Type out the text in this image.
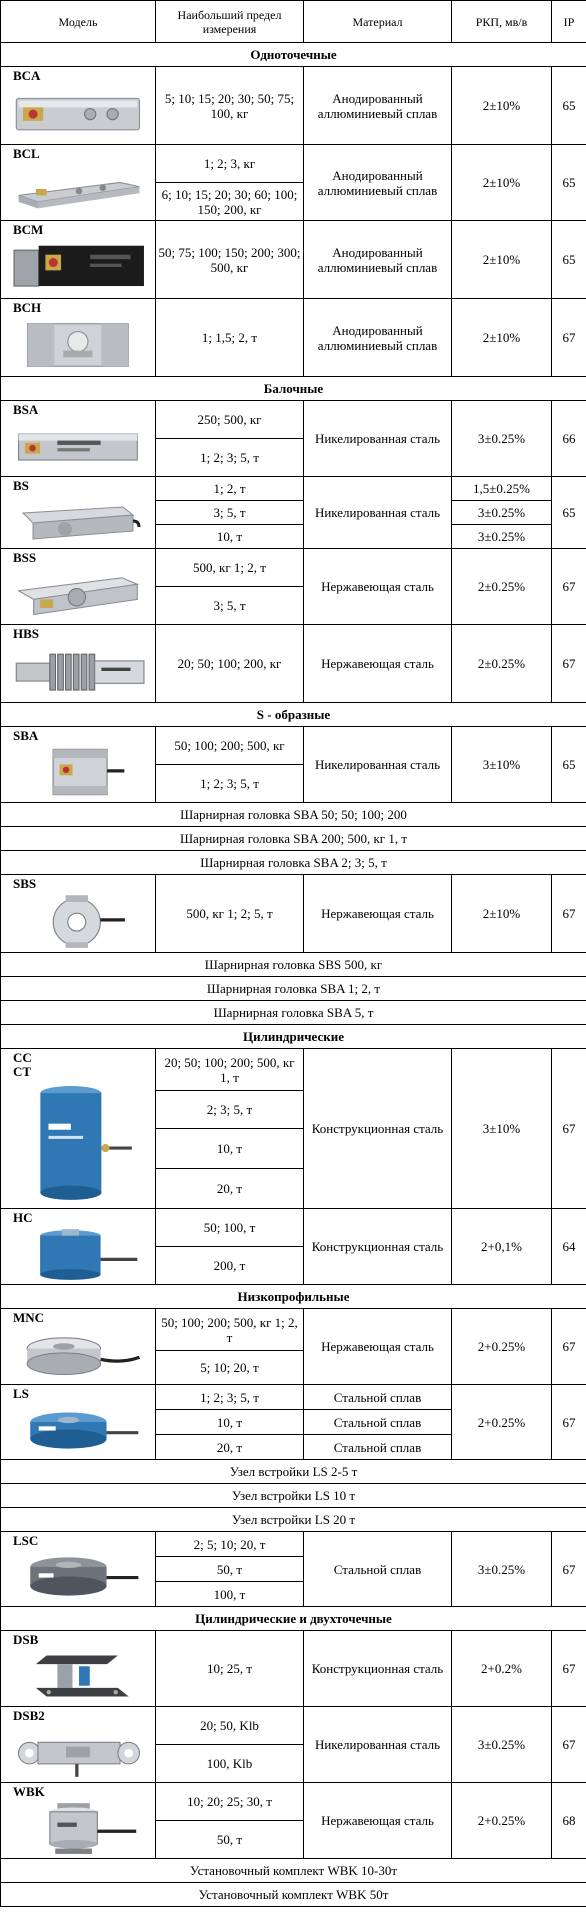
Модель	Наибольший предел измерения	Материал	РКП, мв/в	IP
Одноточечные				

BCA	5; 10; 15; 20; 30; 50; 75; 100, кг	Анодированный аллюминиевый сплав	2±10%	65

BCL	1; 2; 3, кг	Анодированный аллюминиевый сплав	2±10%	65
	6; 10; 15; 20; 30; 60; 100; 150; 200, кг			

BCM	50; 75; 100; 150; 200; 300; 500, кг	Анодированный аллюминиевый сплав	2±10%	65

BCH	1; 1,5; 2, т	Анодированный аллюминиевый сплав	2±10%	67
Балочные				

BSA	250; 500, кг	Никелированная сталь	3±0.25%	66
	1; 2; 3; 5, т			

BS	1; 2, т	Никелированная сталь	1,5±0.25%	65
	3; 5, т		3±0.25%	
	10, т		3±0.25%	

BSS	500, кг 1; 2, т	Нержавеющая сталь	2±0.25%	67
	3; 5, т			

HBS	20; 50; 100; 200, кг	Нержавеющая сталь	2±0.25%	67
S - образные				

SBA	50; 100; 200; 500, кг	Никелированная сталь	3±10%	65
	1; 2; 3; 5, т			
Шарнирная головка SBA 50; 50; 100; 200				
Шарнирная головка SBA 200; 500, кг 1, т				
Шарнирная головка SBA 2; 3; 5, т				

SBS	500, кг 1; 2; 5, т	Нержавеющая сталь	2±10%	67
Шарнирная головка SBS 500, кг				
Шарнирная головка SBA 1; 2, т				
Шарнирная головка SBA 5, т				
Цилиндрические				

CC
CT	20; 50; 100; 200; 500, кг 1, т	Конструкционная сталь	3±10%	67
	2; 3; 5, т			
	10, т			
	20, т			

HC	50; 100, т	Конструкционная сталь	2+0,1%	64
	200, т			
Низкопрофильные				

MNC	50; 100; 200; 500, кг 1; 2, т	Нержавеющая сталь	2+0.25%	67
	5; 10; 20, т			

LS	1; 2; 3; 5, т	Стальной сплав	2+0.25%	67
	10, т	Стальной сплав		
	20, т	Стальной сплав		
Узел встройки LS 2-5 т				
Узел встройки LS 10 т				
Узел встройки LS 20 т				

LSC	2; 5; 10; 20, т	Стальной сплав	3±0.25%	67
	50, т			
	100, т			
Цилиндрические и двухточечные				

DSB	10; 25, т	Конструкционная сталь	2+0.2%	67

DSB2	20; 50, Klb	Никелированная сталь	3±0.25%	67
	100, Klb			

WBK	10; 20; 25; 30, т	Нержавеющая сталь	2+0.25%	68
	50, т			
Установочный комплект WBK 10-30т				
Установочный комплект WBK 50т				
